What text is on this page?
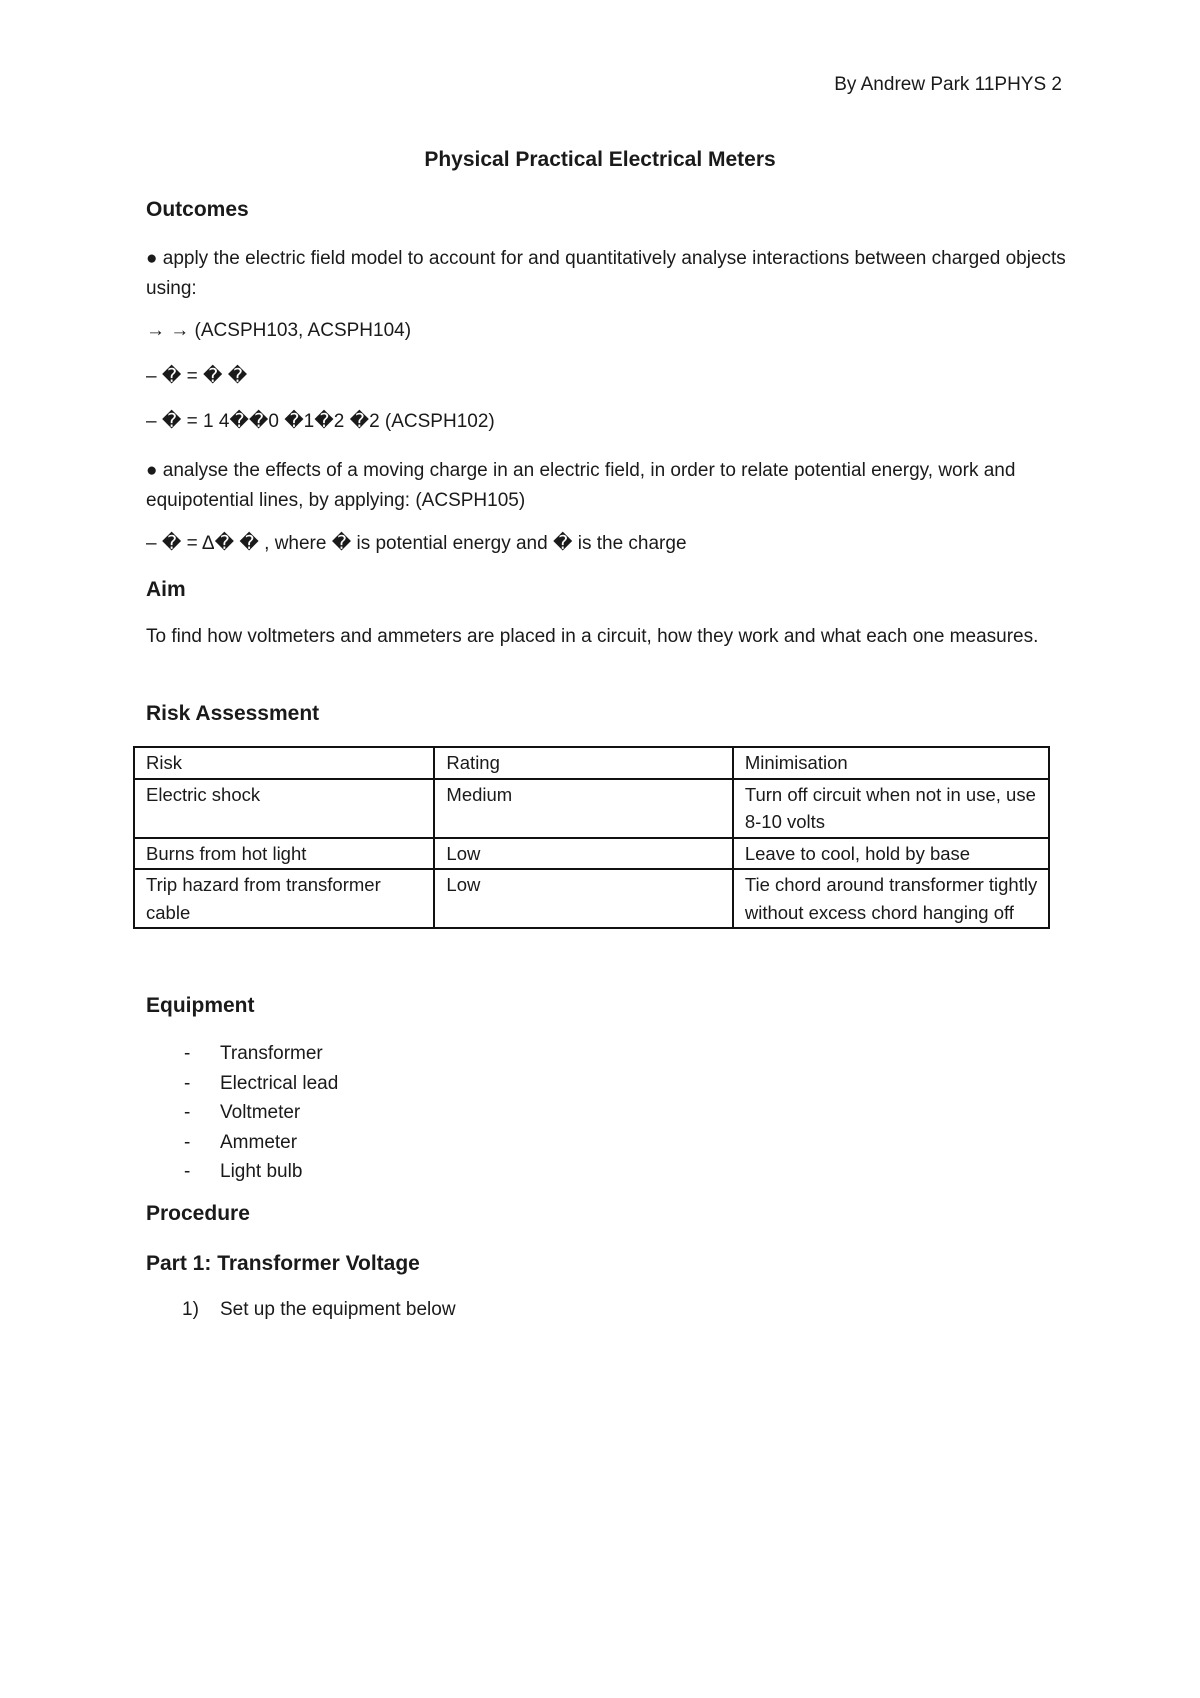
By Andrew Park 11PHYS 2
Physical Practical Electrical Meters
Outcomes
● apply the electric field model to account for and quantitatively analyse interactions between charged objects using:
→ → (ACSPH103, ACSPH104)
– � = � �
– � = 1 4��0 �1�2 �2 (ACSPH102)
● analyse the effects of a moving charge in an electric field, in order to relate potential energy, work and equipotential lines, by applying: (ACSPH105)
– � = Δ� � , where � is potential energy and � is the charge
Aim
To find how voltmeters and ammeters are placed in a circuit, how they work and what each one measures.
Risk Assessment
Risk	Rating	Minimisation
Electric shock	Medium	Turn off circuit when not in use, use 8-10 volts
Burns from hot light	Low	Leave to cool, hold by base
Trip hazard from transformer cable	Low	Tie chord around transformer tightly without excess chord hanging off
Equipment
- Transformer
- Electrical lead
- Voltmeter
- Ammeter
- Light bulb
Procedure
Part 1: Transformer Voltage
1) Set up the equipment below
